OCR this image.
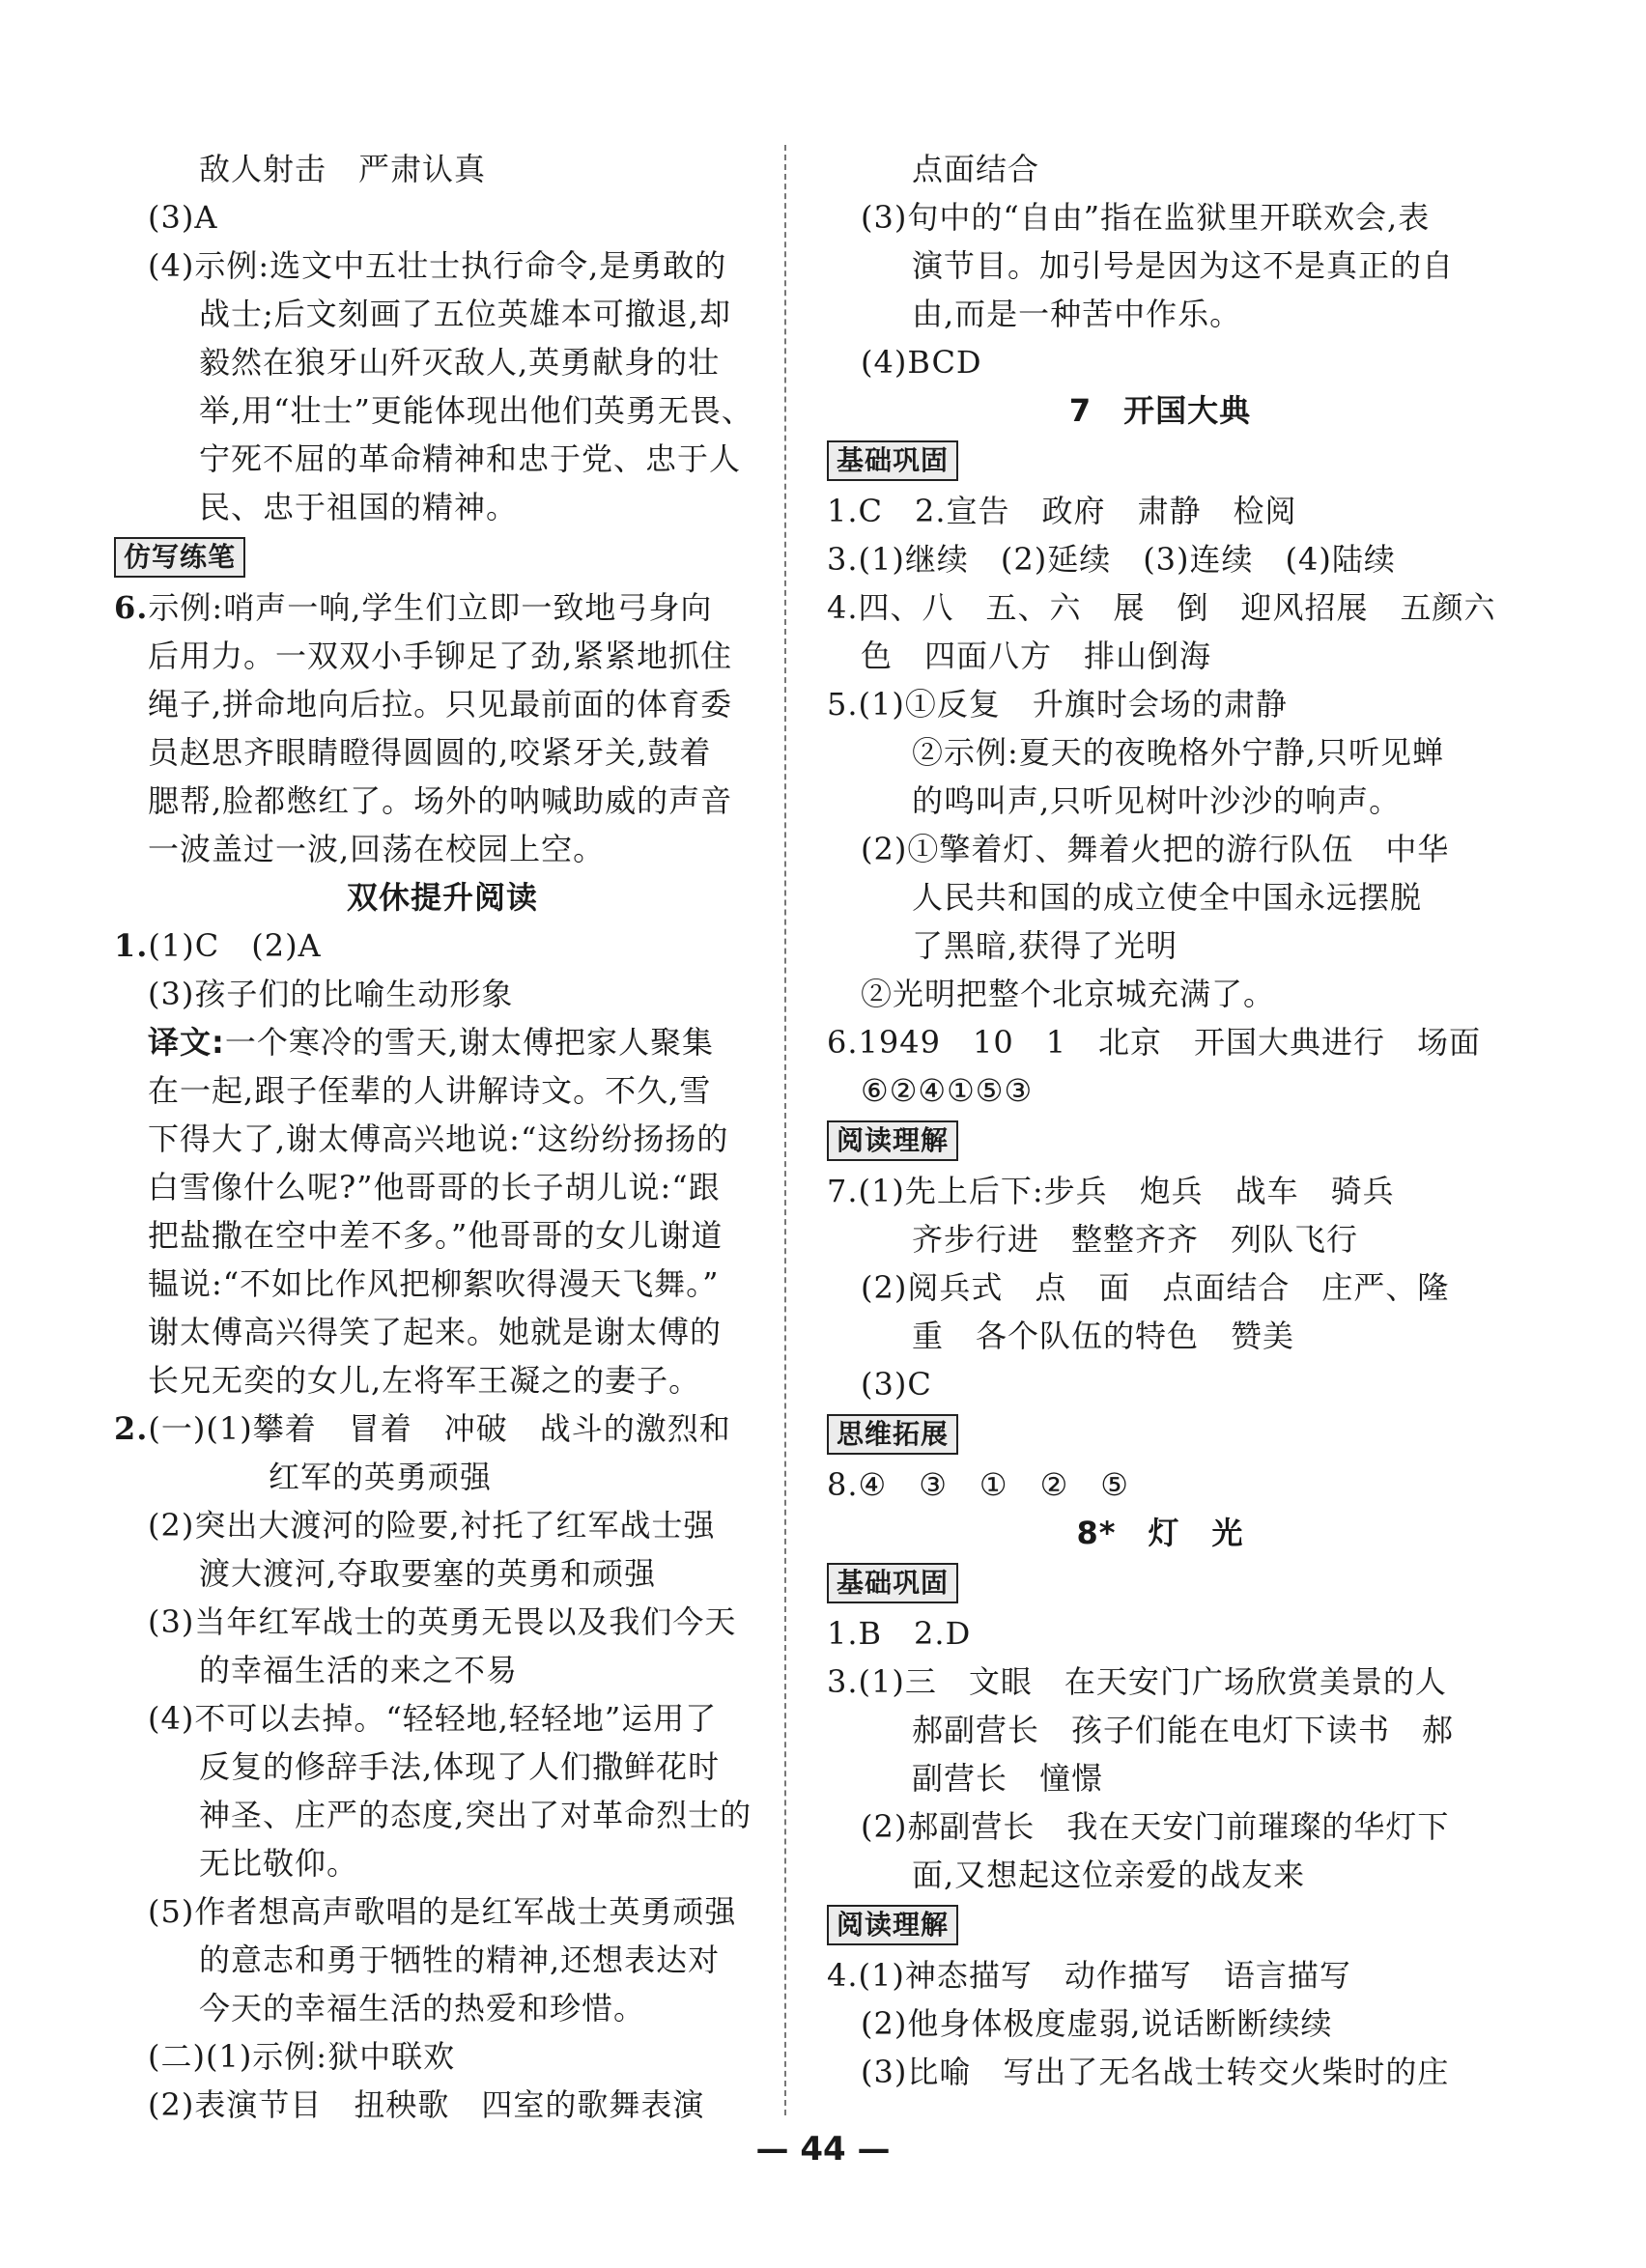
敌人射击　严肃认真
(3)A
(4)示例:选文中五壮士执行命令,是勇敢的
战士;后文刻画了五位英雄本可撤退,却
毅然在狼牙山歼灭敌人,英勇献身的壮
举,用“壮士”更能体现出他们英勇无畏、
宁死不屈的革命精神和忠于党、忠于人
民、忠于祖国的精神。
仿写练笔
6.示例:哨声一响,学生们立即一致地弓身向
后用力。一双双小手铆足了劲,紧紧地抓住
绳子,拼命地向后拉。只见最前面的体育委
员赵思齐眼睛瞪得圆圆的,咬紧牙关,鼓着
腮帮,脸都憋红了。场外的呐喊助威的声音
一波盖过一波,回荡在校园上空。
双休提升阅读
1.(1)C　(2)A
(3)孩子们的比喻生动形象
译文:一个寒冷的雪天,谢太傅把家人聚集
在一起,跟子侄辈的人讲解诗文。不久,雪
下得大了,谢太傅高兴地说:“这纷纷扬扬的
白雪像什么呢?”他哥哥的长子胡儿说:“跟
把盐撒在空中差不多。”他哥哥的女儿谢道
韫说:“不如比作风把柳絮吹得漫天飞舞。”
谢太傅高兴得笑了起来。她就是谢太傅的
长兄无奕的女儿,左将军王凝之的妻子。
2.(一)(1)攀着　冒着　冲破　战斗的激烈和
红军的英勇顽强
(2)突出大渡河的险要,衬托了红军战士强
渡大渡河,夺取要塞的英勇和顽强
(3)当年红军战士的英勇无畏以及我们今天
的幸福生活的来之不易
(4)不可以去掉。“轻轻地,轻轻地”运用了
反复的修辞手法,体现了人们撒鲜花时
神圣、庄严的态度,突出了对革命烈士的
无比敬仰。
(5)作者想高声歌唱的是红军战士英勇顽强
的意志和勇于牺牲的精神,还想表达对
今天的幸福生活的热爱和珍惜。
(二)(1)示例:狱中联欢
(2)表演节目　扭秧歌　四室的歌舞表演
点面结合
(3)句中的“自由”指在监狱里开联欢会,表
演节目。加引号是因为这不是真正的自
由,而是一种苦中作乐。
(4)BCD
7　开国大典
基础巩固
1.C　2.宣告　政府　肃静　检阅
3.(1)继续　(2)延续　(3)连续　(4)陆续
4.四、八　五、六　展　倒　迎风招展　五颜六
色　四面八方　排山倒海
5.(1)①反复　升旗时会场的肃静
②示例:夏天的夜晚格外宁静,只听见蝉
的鸣叫声,只听见树叶沙沙的响声。
(2)①擎着灯、舞着火把的游行队伍　中华
人民共和国的成立使全中国永远摆脱
了黑暗,获得了光明
②光明把整个北京城充满了。
6.1949　10　1　北京　开国大典进行　场面
⑥②④①⑤③
阅读理解
7.(1)先上后下:步兵　炮兵　战车　骑兵
齐步行进　整整齐齐　列队飞行
(2)阅兵式　点　面　点面结合　庄严、隆
重　各个队伍的特色　赞美
(3)C
思维拓展
8.④　③　①　②　⑤
8*　灯　光
基础巩固
1.B　2.D
3.(1)三　文眼　在天安门广场欣赏美景的人
郝副营长　孩子们能在电灯下读书　郝
副营长　憧憬
(2)郝副营长　我在天安门前璀璨的华灯下
面,又想起这位亲爱的战友来
阅读理解
4.(1)神态描写　动作描写　语言描写
(2)他身体极度虚弱,说话断断续续
(3)比喻　写出了无名战士转交火柴时的庄
— 44 —
